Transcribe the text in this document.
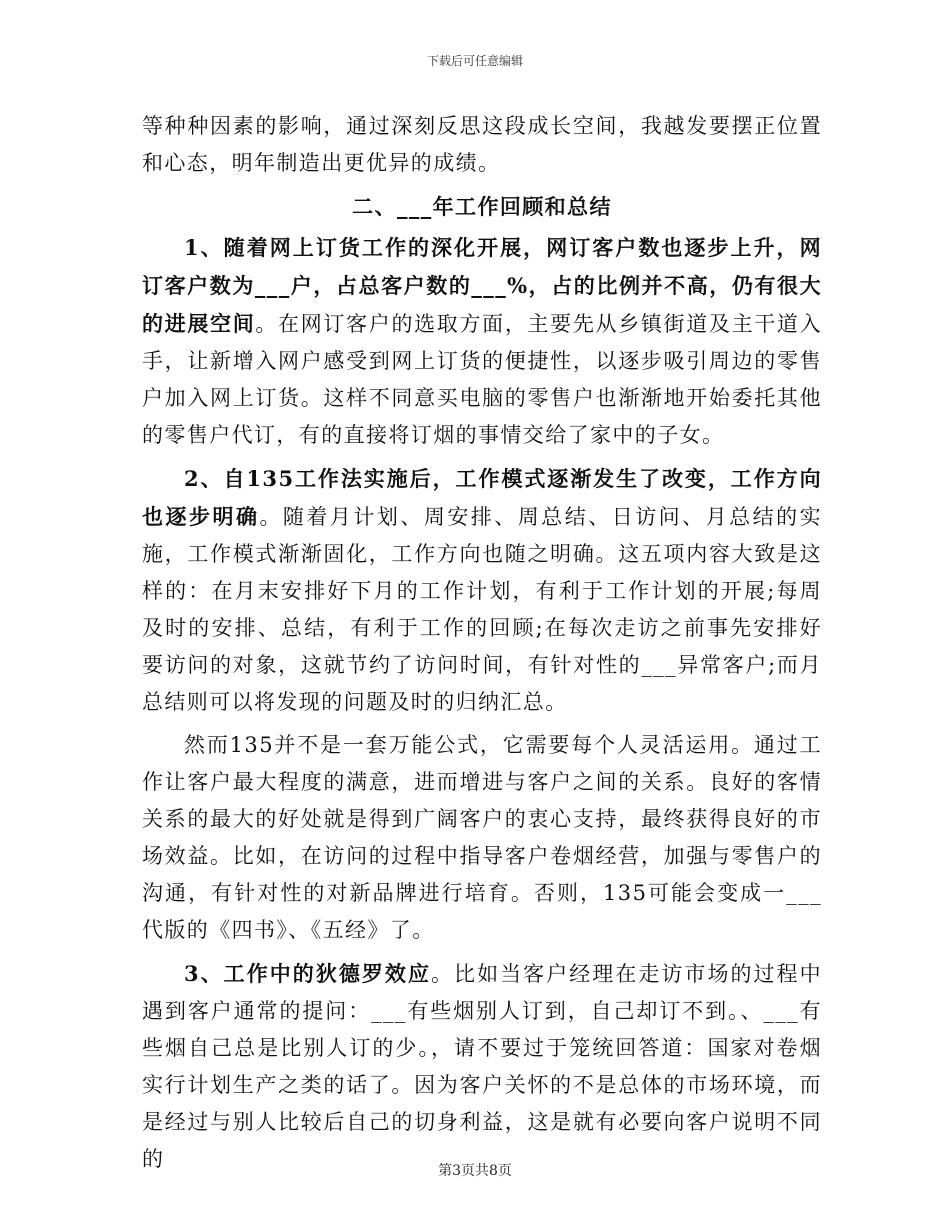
下载后可任意编辑

等种种因素的影响，通过深刻反思这段成长空间，我越发要摆正位置和心态，明年制造出更优异的成绩。

二、___年工作回顾和总结

1、随着网上订货工作的深化开展，网订客户数也逐步上升，网订客户数为___户，占总客户数的___%，占的比例并不高，仍有很大的进展空间。在网订客户的选取方面，主要先从乡镇街道及主干道入手，让新增入网户感受到网上订货的便捷性，以逐步吸引周边的零售户加入网上订货。这样不同意买电脑的零售户也渐渐地开始委托其他的零售户代订，有的直接将订烟的事情交给了家中的子女。

2、自135工作法实施后，工作模式逐渐发生了改变，工作方向也逐步明确。随着月计划、周安排、周总结、日访问、月总结的实施，工作模式渐渐固化，工作方向也随之明确。这五项内容大致是这样的：在月末安排好下月的工作计划，有利于工作计划的开展;每周及时的安排、总结，有利于工作的回顾;在每次走访之前事先安排好要访问的对象，这就节约了访问时间，有针对性的___异常客户;而月总结则可以将发现的问题及时的归纳汇总。

然而135并不是一套万能公式，它需要每个人灵活运用。通过工作让客户最大程度的满意，进而增进与客户之间的关系。良好的客情关系的最大的好处就是得到广阔客户的衷心支持，最终获得良好的市场效益。比如，在访问的过程中指导客户卷烟经营，加强与零售户的沟通，有针对性的对新品牌进行培育。否则，135可能会变成一___代版的《四书》、《五经》了。

3、工作中的狄德罗效应。比如当客户经理在走访市场的过程中遇到客户通常的提问：___有些烟别人订到，自己却订不到。、___有些烟自己总是比别人订的少。，请不要过于笼统回答道：国家对卷烟实行计划生产之类的话了。因为客户关怀的不是总体的市场环境，而是经过与别人比较后自己的切身利益，这是就有必要向客户说明不同的	第3页共8页
